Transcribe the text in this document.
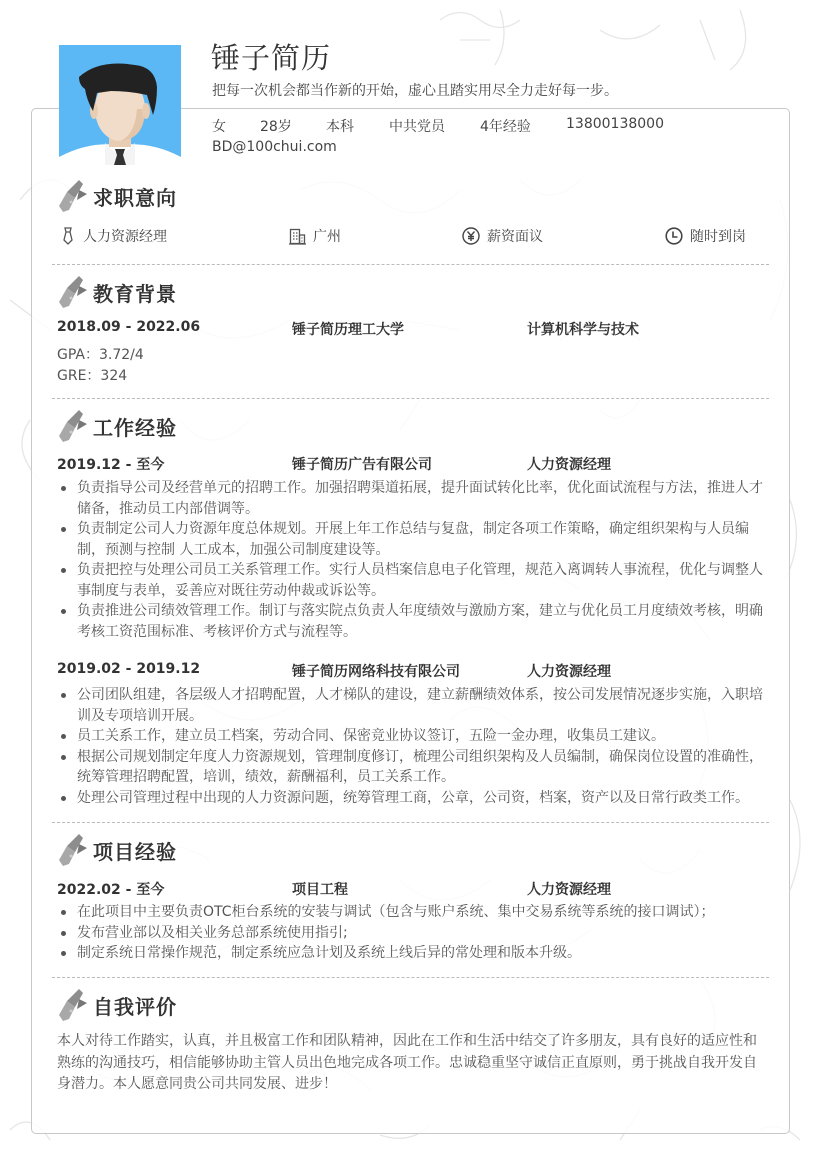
锤子简历
把每一次机会都当作新的开始，虚心且踏实用尽全力走好每一步。
女	28岁	本科	中共党员	4年经验	13800138000
BD@100chui.com
求职意向
人力资源经理	广州	薪资面议	随时到岗
教育背景
2018.09 - 2022.06	锤子简历理工大学	计算机科学与技术
GPA：3.72/4
GRE：324
工作经验
2019.12 - 至今	锤子简历广告有限公司	人力资源经理
负责指导公司及经营单元的招聘工作。加强招聘渠道拓展，提升面试转化比率，优化面试流程与方法，推进人才储备，推动员工内部借调等。
负责制定公司人力资源年度总体规划。开展上年工作总结与复盘，制定各项工作策略，确定组织架构与人员编制，预测与控制 人工成本，加强公司制度建设等。
负责把控与处理公司员工关系管理工作。实行人员档案信息电子化管理，规范入离调转人事流程，优化与调整人事制度与表单，妥善应对既往劳动仲裁或诉讼等。
负责推进公司绩效管理工作。制订与落实院点负责人年度绩效与激励方案，建立与优化员工月度绩效考核，明确考核工资范围标准、考核评价方式与流程等。
2019.02 - 2019.12	锤子简历网络科技有限公司	人力资源经理
公司团队组建，各层级人才招聘配置，人才梯队的建设，建立薪酬绩效体系，按公司发展情况逐步实施，入职培训及专项培训开展。
员工关系工作，建立员工档案，劳动合同、保密竞业协议签订，五险一金办理，收集员工建议。
根据公司规划制定年度人力资源规划，管理制度修订，梳理公司组织架构及人员编制，确保岗位设置的准确性，统筹管理招聘配置，培训，绩效，薪酬福利，员工关系工作。
处理公司管理过程中出现的人力资源问题，统筹管理工商，公章，公司资，档案，资产以及日常行政类工作。
项目经验
2022.02 - 至今	项目工程	人力资源经理
在此项目中主要负责OTC柜台系统的安装与调试（包含与账户系统、集中交易系统等系统的接口调试）；
发布营业部以及相关业务总部系统使用指引;
制定系统日常操作规范，制定系统应急计划及系统上线后异的常处理和版本升级。
自我评价
本人对待工作踏实，认真，并且极富工作和团队精神，因此在工作和生活中结交了许多朋友，具有良好的适应性和熟练的沟通技巧，相信能够协助主管人员出色地完成各项工作。忠诚稳重坚守诚信正直原则，勇于挑战自我开发自身潜力。本人愿意同贵公司共同发展、进步！
